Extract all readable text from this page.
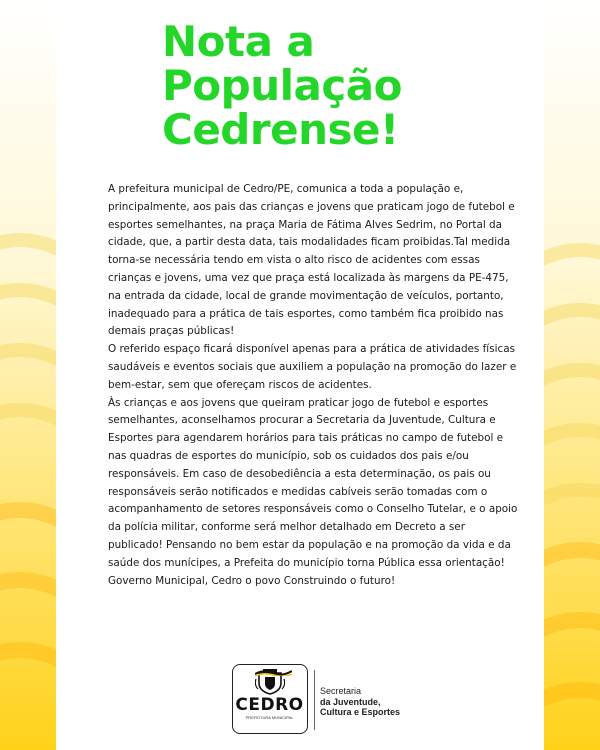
Nota a
População
Cedrense!

A prefeitura municipal de Cedro/PE, comunica a toda a população e, principalmente, aos pais das crianças e jovens que praticam jogo de futebol e esportes semelhantes, na praça Maria de Fátima Alves Sedrim, no Portal da cidade, que, a partir desta data, tais modalidades ficam proibidas.Tal medida torna-se necessária tendo em vista o alto risco de acidentes com essas crianças e jovens, uma vez que praça está localizada às margens da PE-475, na entrada da cidade, local de grande movimentação de veículos, portanto, inadequado para a prática de tais esportes, como também fica proibido nas demais praças públicas!

O referido espaço ficará disponível apenas para a prática de atividades físicas saudáveis e eventos sociais que auxiliem a população na promoção do lazer e bem-estar, sem que ofereçam riscos de acidentes.

Às crianças e aos jovens que queiram praticar jogo de futebol e esportes semelhantes, aconselhamos procurar a Secretaria da Juventude, Cultura e Esportes para agendarem horários para tais práticas no campo de futebol e nas quadras de esportes do município, sob os cuidados dos pais e/ou responsáveis. Em caso de desobediência a esta determinação, os pais ou responsáveis serão notificados e medidas cabíveis serão tomadas com o acompanhamento de setores responsáveis como o Conselho Tutelar, e o apoio da polícia militar, conforme será melhor detalhado em Decreto a ser publicado! Pensando no bem estar da população e na promoção da vida e da saúde dos munícipes, a Prefeita do município torna Pública essa orientação!

Governo Municipal, Cedro o povo Construindo o futuro!

CEDRO
PREFEITURA MUNICIPAL
Secretaria
da Juventude,
Cultura e Esportes
